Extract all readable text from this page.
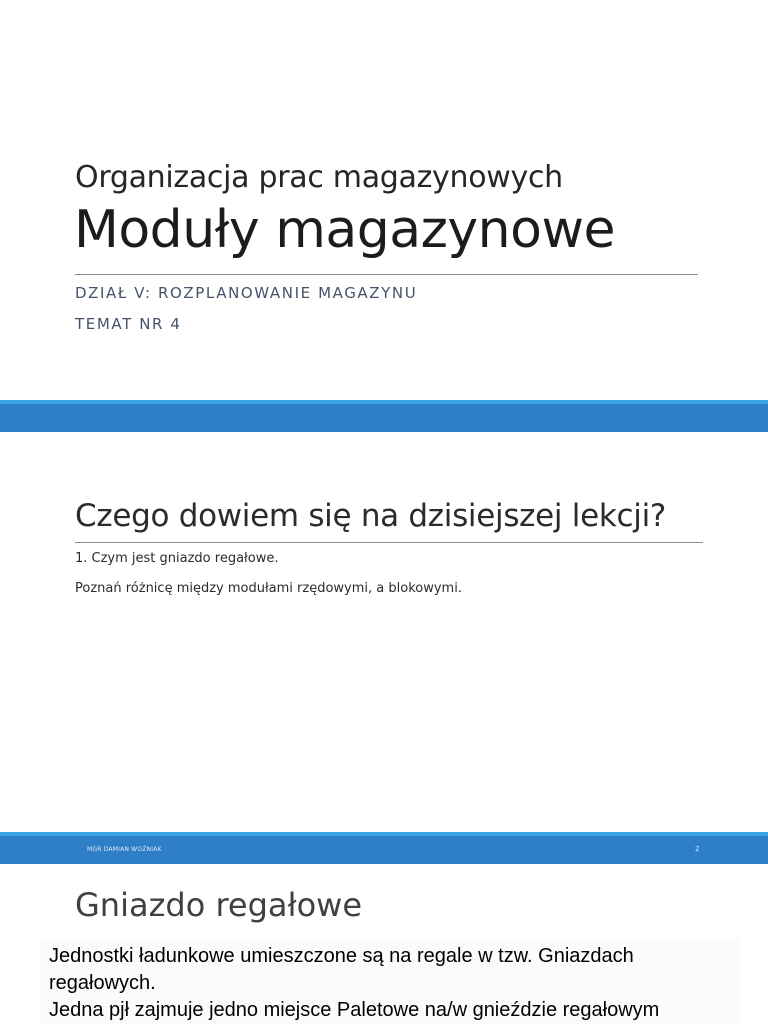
Organizacja prac magazynowych
Moduły magazynowe
DZIAŁ V: ROZPLANOWANIE MAGAZYNU
TEMAT NR 4
Czego dowiem się na dzisiejszej lekcji?
1. Czym jest gniazdo regałowe.
Poznań różnicę między modułami rzędowymi, a blokowymi.
MGR DAMIAN WOŹNIAK	2
Gniazdo regałowe
Jednostki ładunkowe umieszczone są na regale w tzw. Gniazdach
regałowych.
Jedna pjł zajmuje jedno miejsce Paletowe na/w gnieździe regałowym
